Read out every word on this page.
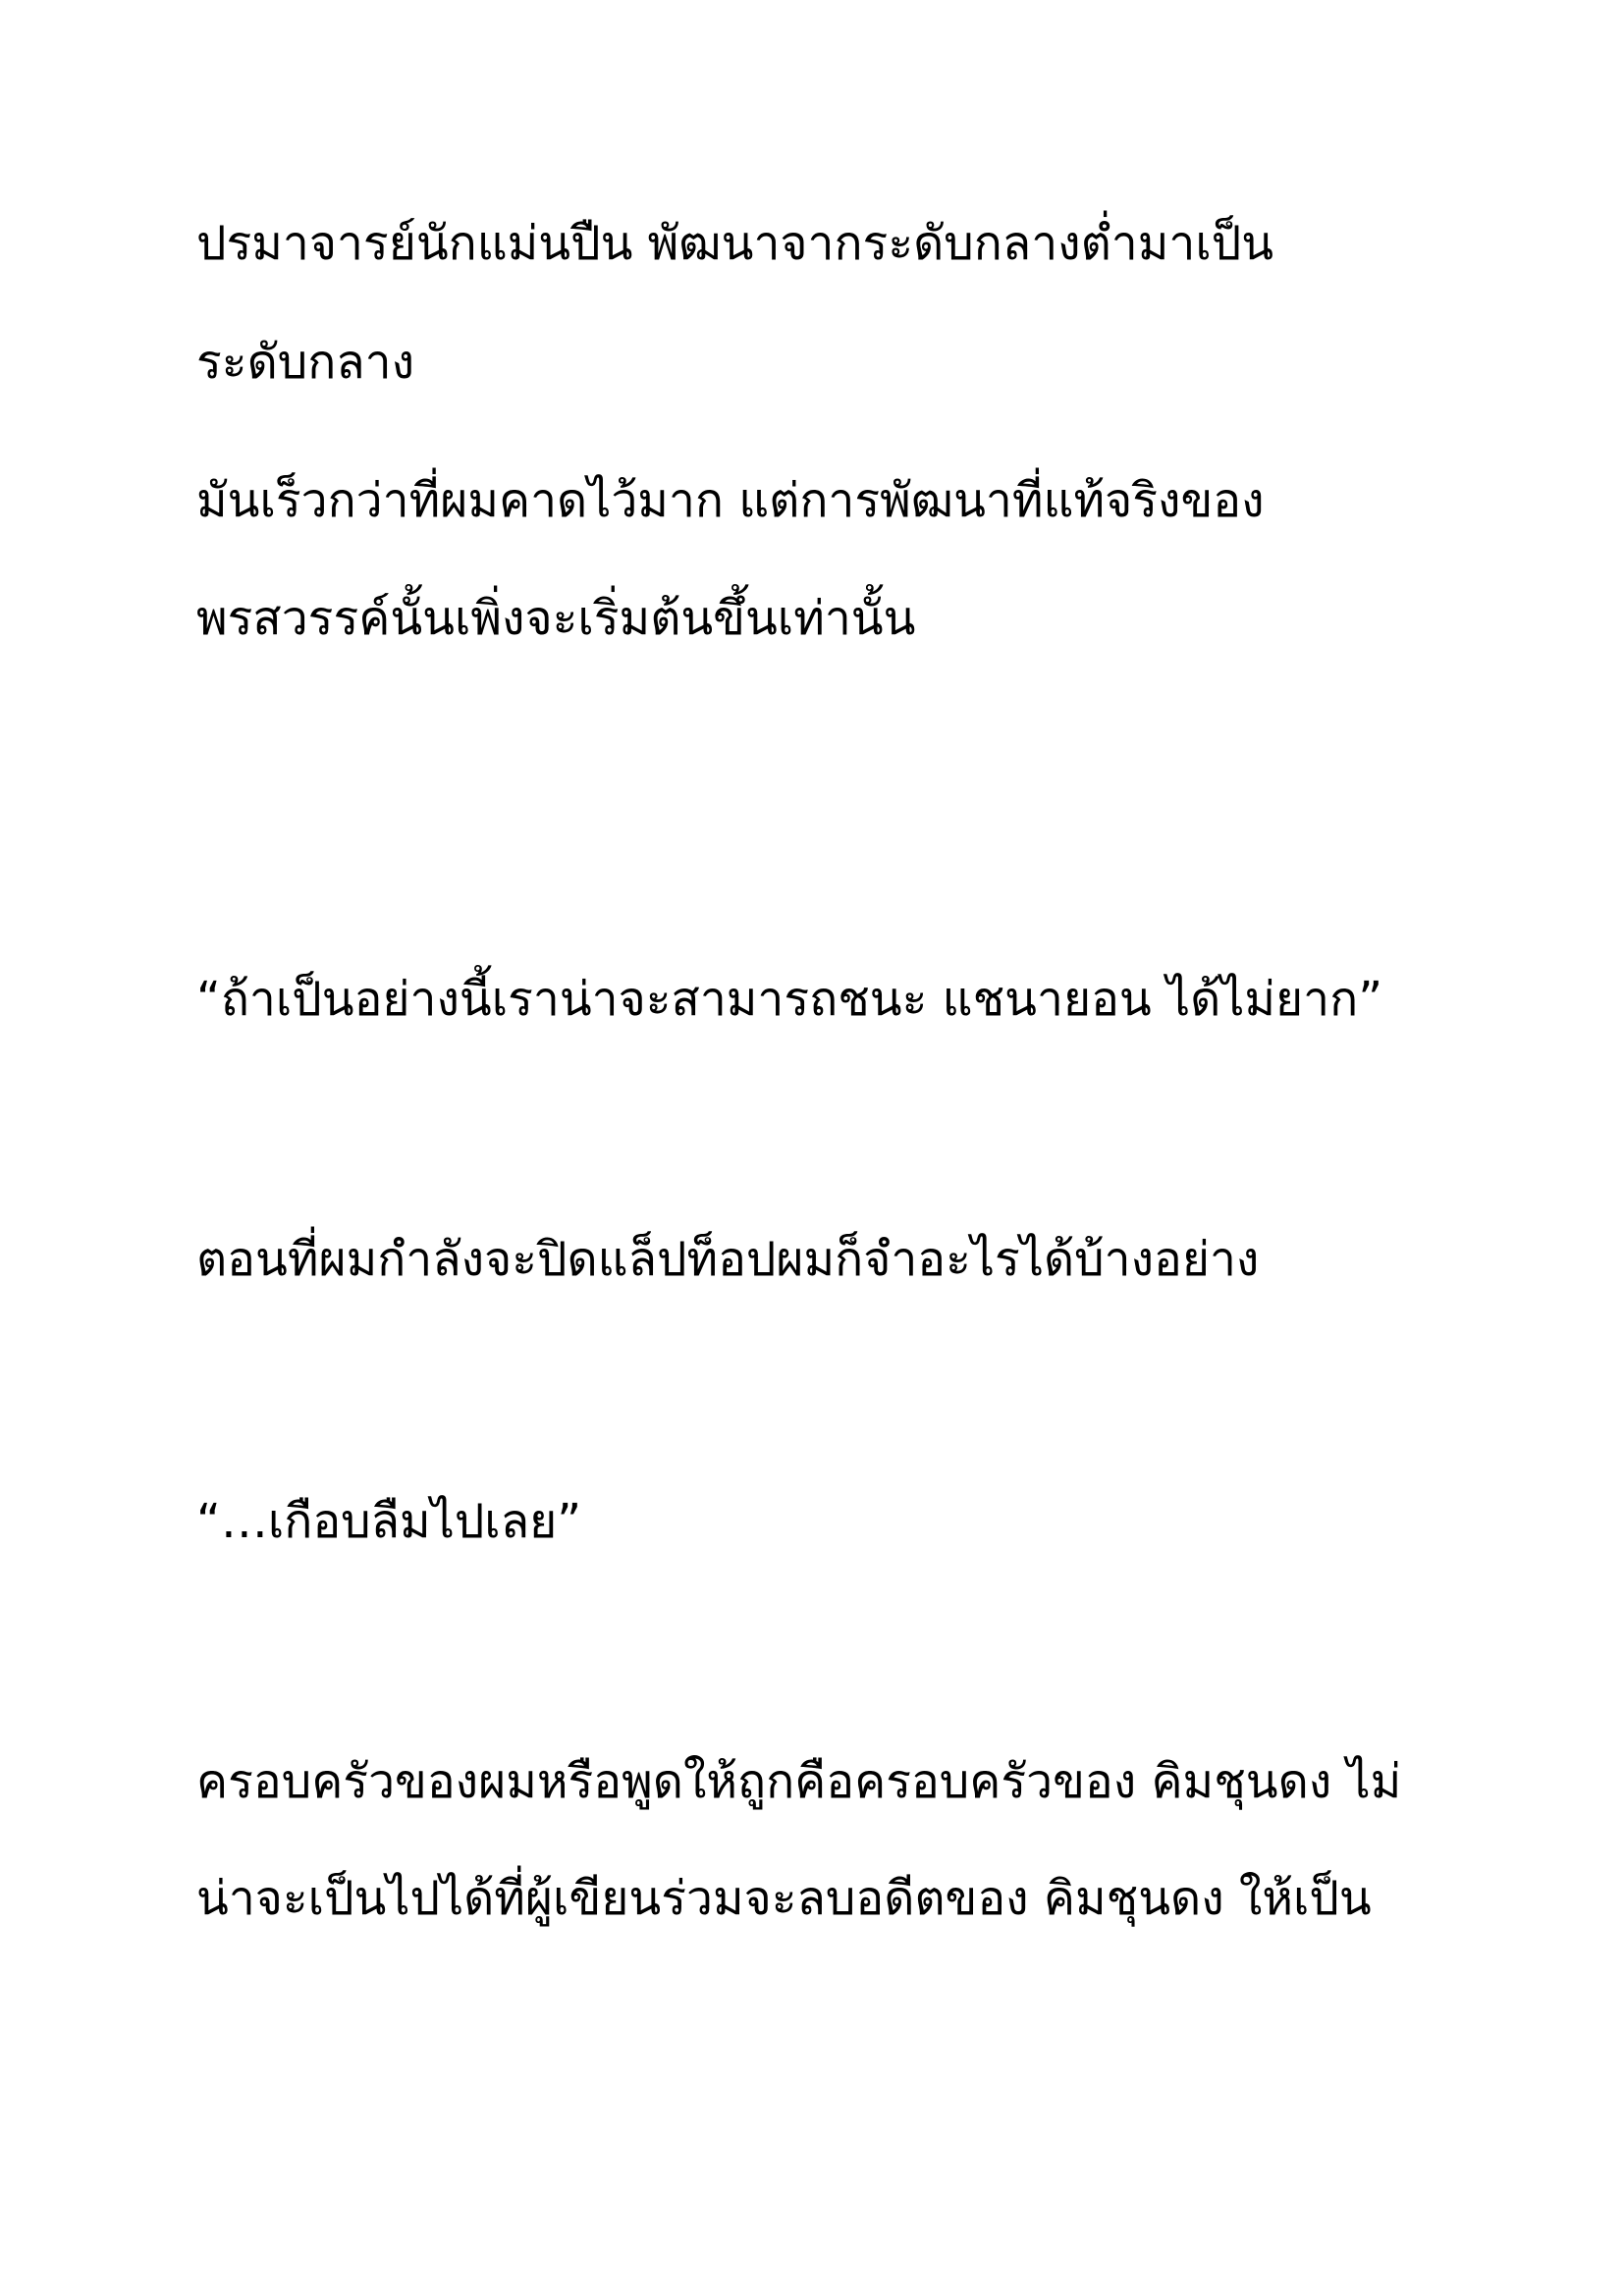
ปรมาจารย์นักแม่นปืน พัฒนาจากระดับกลางต่ำมาเป็น

ระดับกลาง

มันเร็วกว่าที่ผมคาดไว้มาก แต่การพัฒนาที่แท้จริงของ

พรสวรรค์นั้นเพิ่งจะเริ่มต้นขึ้นเท่านั้น

“ถ้าเป็นอย่างนี้เราน่าจะสามารถชนะ แชนายอน ได้ไม่ยาก”

ตอนที่ผมกำลังจะปิดแล็ปท็อปผมก็จำอะไรได้บ้างอย่าง

“…เกือบลืมไปเลย”

ครอบครัวของผมหรือพูดให้ถูกคือครอบครัวของ คิมชุนดง ไม่

น่าจะเป็นไปได้ที่ผู้เขียนร่วมจะลบอดีตของ คิมชุนดง ให้เป็น
